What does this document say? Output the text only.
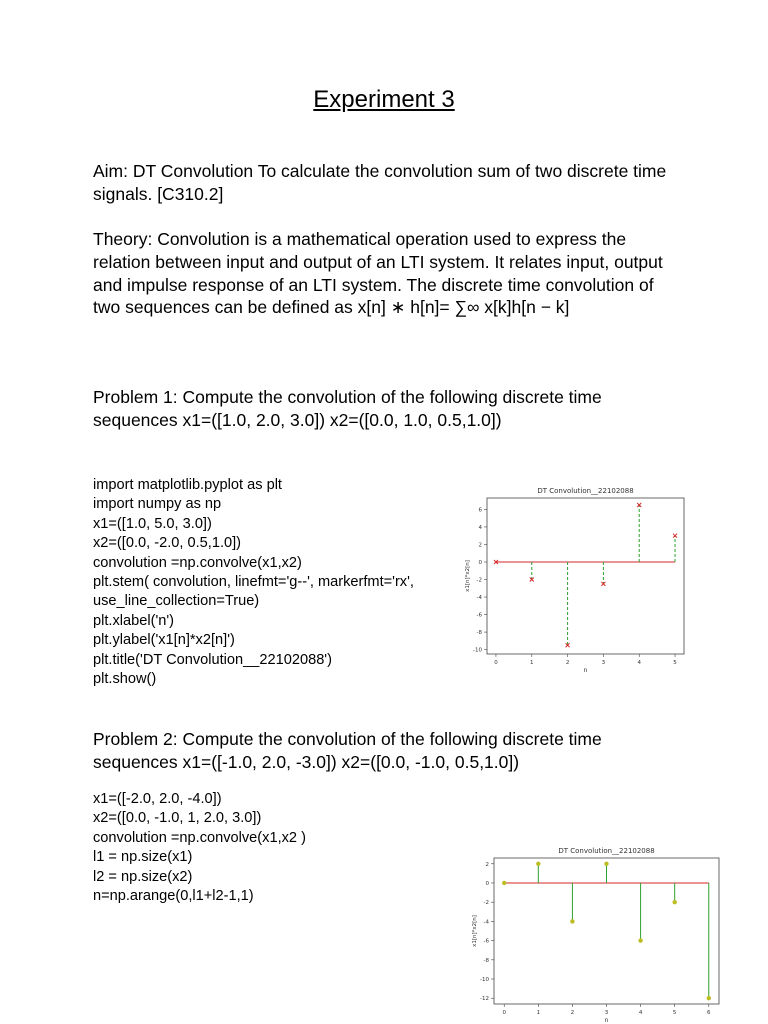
Experiment 3
Aim: DT Convolution To calculate the convolution sum of two discrete time signals. [C310.2]
Theory: Convolution is a mathematical operation used to express the relation between input and output of an LTI system. It relates input, output and impulse response of an LTI system. The discrete time convolution of two sequences can be defined as x[n] ∗ h[n]= ∑∞ x[k]h[n − k]
Problem 1: Compute the convolution of the following discrete time sequences x1=([1.0, 2.0, 3.0]) x2=([0.0, 1.0, 0.5,1.0])
import matplotlib.pyplot as plt
import numpy as np
x1=([1.0, 5.0, 3.0])
x2=([0.0, -2.0, 0.5,1.0])
convolution =np.convolve(x1,x2)
plt.stem( convolution, linefmt='g--', markerfmt='rx',
use_line_collection=True)
plt.xlabel('n')
plt.ylabel('x1[n]*x2[n]')
plt.title('DT Convolution__22102088')
plt.show()
Problem 2: Compute the convolution of the following discrete time sequences x1=([-1.0, 2.0, -3.0]) x2=([0.0, -1.0, 0.5,1.0])
x1=([-2.0, 2.0, -4.0])
x2=([0.0, -1.0, 1, 2.0, 3.0])
convolution =np.convolve(x1,x2 )
l1 = np.size(x1)
l2 = np.size(x2)
n=np.arange(0,l1+l2-1,1)
DT Convolution__22102088
n
x1[n]*x2[n]
0	1	2	3	4	5
6
4
2
0
-2
-4
-6
-8
-10
DT Convolution__22102088
n
x1[n]*x2[n]
0	1	2	3	4	5	6
2
0
-2
-4
-6
-8
-10
-12
